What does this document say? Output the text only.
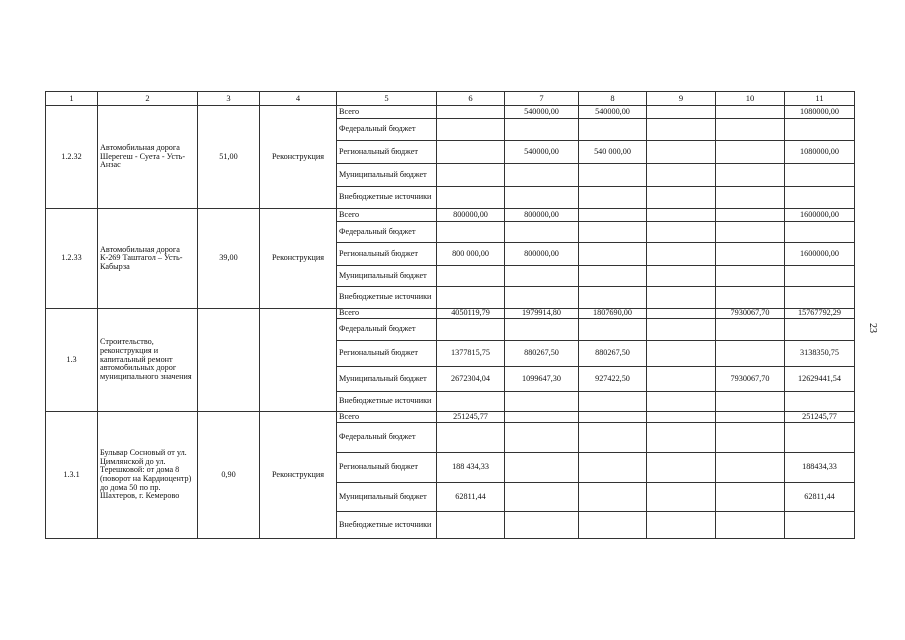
23
1	2	3	4	5	6	7	8	9	10	11
1.2.32	Автомобильная дорога Шерегеш - Суета - Усть-Анзас	51,00	Реконструкция	Всего		540000,00	540000,00			1080000,00
				Федеральный бюджет						
				Региональный бюджет		540000,00	540 000,00			1080000,00
				Муниципальный бюджет						
				Внебюджетные источники						
1.2.33	Автомобильная дорога К-269 Таштагол – Усть-Кабырза	39,00	Реконструкция	Всего	800000,00	800000,00				1600000,00
				Федеральный бюджет						
				Региональный бюджет	800 000,00	800000,00				1600000,00
				Муниципальный бюджет						
				Внебюджетные источники						
1.3	Строительство, реконструкция и капитальный ремонт автомобильных дорог муниципального значения			Всего	4050119,79	1979914,80	1807690,00		7930067,70	15767792,29
				Федеральный бюджет						
				Региональный бюджет	1377815,75	880267,50	880267,50			3138350,75
				Муниципальный бюджет	2672304,04	1099647,30	927422,50		7930067,70	12629441,54
				Внебюджетные источники						
1.3.1	Бульвар Сосновый от ул. Цимлянской до ул. Терешковой: от дома 8 (поворот на Кардиоцентр) до дома 50 по пр. Шахтеров, г. Кемерово	0,90	Реконструкция	Всего	251245,77					251245,77
				Федеральный бюджет						
				Региональный бюджет	188 434,33					188434,33
				Муниципальный бюджет	62811,44					62811,44
				Внебюджетные источники						
